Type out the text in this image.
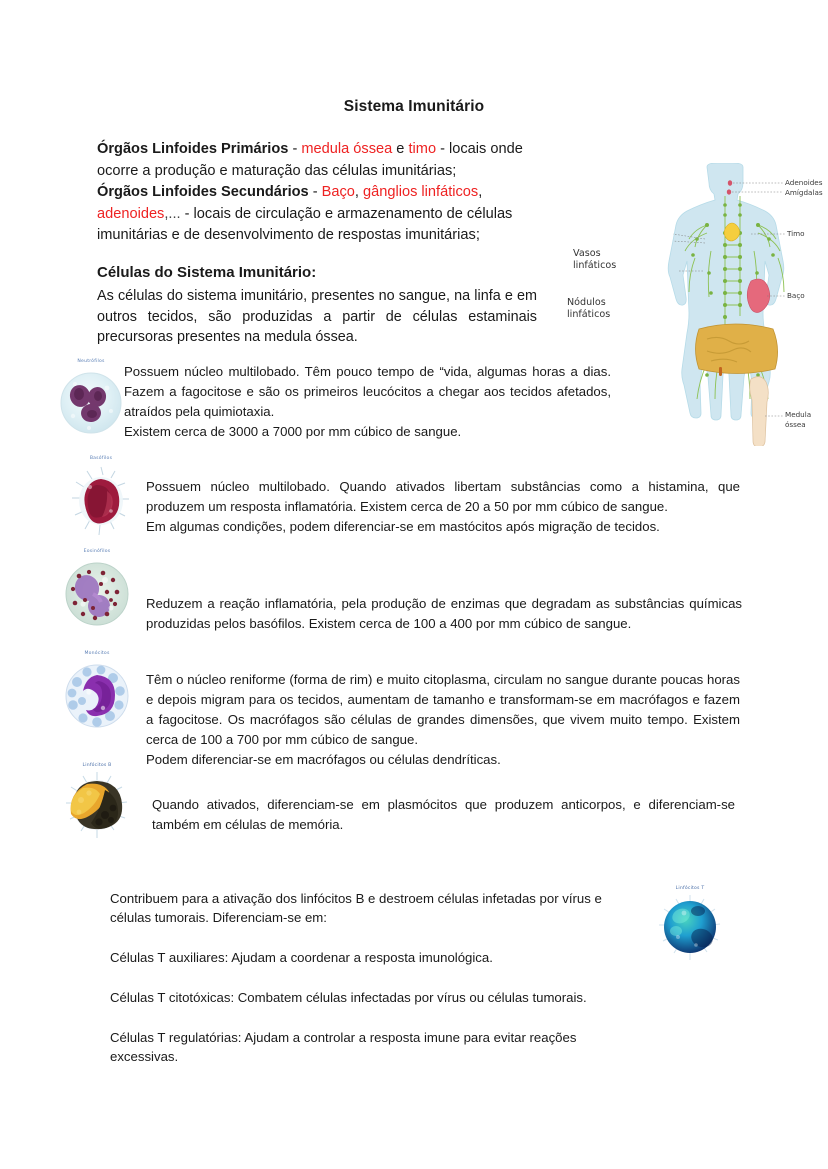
Sistema Imunitário
Órgãos Linfoides Primários - medula óssea e timo - locais onde ocorre a produção e maturação das células imunitárias;
Órgãos Linfoides Secundários - Baço, gânglios linfáticos, adenoides,... - locais de circulação e armazenamento de células imunitárias e de desenvolvimento de respostas imunitárias;
Células do Sistema Imunitário:
As células do sistema imunitário, presentes no sangue, na linfa e em outros tecidos, são produzidas a partir de células estaminais precursoras presentes na medula óssea.
Adenoides
Amígdalas
Timo
Baço
Medula
óssea
Vasos
linfáticos
Nódulos
linfáticos
Neutrófilos
Possuem núcleo multilobado. Têm pouco tempo de “vida, algumas horas a dias. Fazem a fagocitose e são os primeiros leucócitos a chegar aos tecidos afetados, atraídos pela quimiotaxia.
Existem cerca de 3000 a 7000 por mm cúbico de sangue.
Basófilos
Possuem núcleo multilobado. Quando ativados libertam substâncias como a histamina, que produzem um resposta inflamatória. Existem cerca de 20 a 50 por mm cúbico de sangue.
Em algumas condições, podem diferenciar-se em mastócitos após migração de tecidos.
Eosinófilos
Reduzem a reação inflamatória, pela produção de enzimas que degradam as substâncias químicas produzidas pelos basófilos. Existem cerca de 100 a 400 por mm cúbico de sangue.
Monócitos
Têm o núcleo reniforme (forma de rim) e muito citoplasma, circulam no sangue durante poucas horas e depois migram para os tecidos, aumentam de tamanho e transformam-se em macrófagos e fazem a fagocitose. Os macrófagos são células de grandes dimensões, que vivem muito tempo. Existem cerca de 100 a 700 por mm cúbico de sangue.
Podem diferenciar-se em macrófagos ou células dendríticas.
Linfócitos B
Quando ativados, diferenciam-se em plasmócitos que produzem anticorpos, e diferenciam-se também em células de memória.

Contribuem para a ativação dos linfócitos B e destroem células infetadas por vírus e células tumorais. Diferenciam-se em:

Células T auxiliares: Ajudam a coordenar a resposta imunológica.

Células T citotóxicas: Combatem células infectadas por vírus ou células tumorais.

Células T regulatórias: Ajudam a controlar a resposta imune para evitar reações excessivas.

Linfócitos T
